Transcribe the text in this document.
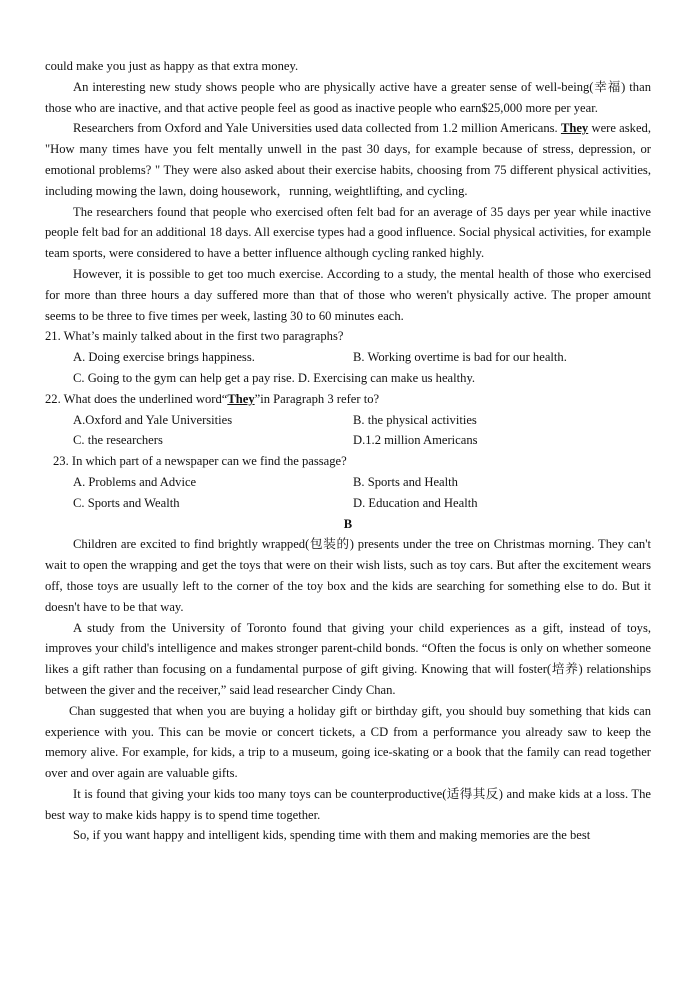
could make you just as happy as that extra money.

An interesting new study shows people who are physically active have a greater sense of well-being(幸福) than those who are inactive, and that active people feel as good as inactive people who earn$25,000 more per year.

Researchers from Oxford and Yale Universities used data collected from 1.2 million Americans. They were asked, "How many times have you felt mentally unwell in the past 30 days, for example because of stress, depression, or emotional problems? " They were also asked about their exercise habits, choosing from 75 different physical activities, including mowing the lawn, doing housework，running, weightlifting, and cycling.

The researchers found that people who exercised often felt bad for an average of 35 days per year while inactive people felt bad for an additional 18 days. All exercise types had a good influence. Social physical activities, for example team sports, were considered to have a better influence although cycling ranked highly.

However, it is possible to get too much exercise. According to a study, the mental health of those who exercised for more than three hours a day suffered more than that of those who weren't physically active. The proper amount seems to be three to five times per week, lasting 30 to 60 minutes each.

21. What’s mainly talked about in the first two paragraphs?

A. Doing exercise brings happiness.	B. Working overtime is bad for our health.
C. Going to the gym can help get a pay rise. D. Exercising can make us healthy.

22. What does the underlined word“They”in Paragraph 3 refer to?

A.Oxford and Yale Universities	B. the physical activities
C. the researchers	D.1.2 million Americans

23. In which part of a newspaper can we find the passage?

A. Problems and Advice	B. Sports and Health
C. Sports and Wealth	D. Education and Health

B

Children are excited to find brightly wrapped(包装的) presents under the tree on Christmas morning. They can't wait to open the wrapping and get the toys that were on their wish lists, such as toy cars. But after the excitement wears off, those toys are usually left to the corner of the toy box and the kids are searching for something else to do. But it doesn't have to be that way.

A study from the University of Toronto found that giving your child experiences as a gift, instead of toys, improves your child's intelligence and makes stronger parent-child bonds. “Often the focus is only on whether someone likes a gift rather than focusing on a fundamental purpose of gift giving. Knowing that will foster(培养) relationships between the giver and the receiver,” said lead researcher Cindy Chan.

Chan suggested that when you are buying a holiday gift or birthday gift, you should buy something that kids can experience with you. This can be movie or concert tickets, a CD from a performance you already saw to keep the memory alive. For example, for kids, a trip to a museum, going ice-skating or a book that the family can read together over and over again are valuable gifts.

It is found that giving your kids too many toys can be counterproductive(适得其反) and make kids at a loss. The best way to make kids happy is to spend time together.

So, if you want happy and intelligent kids, spending time with them and making memories are the best
